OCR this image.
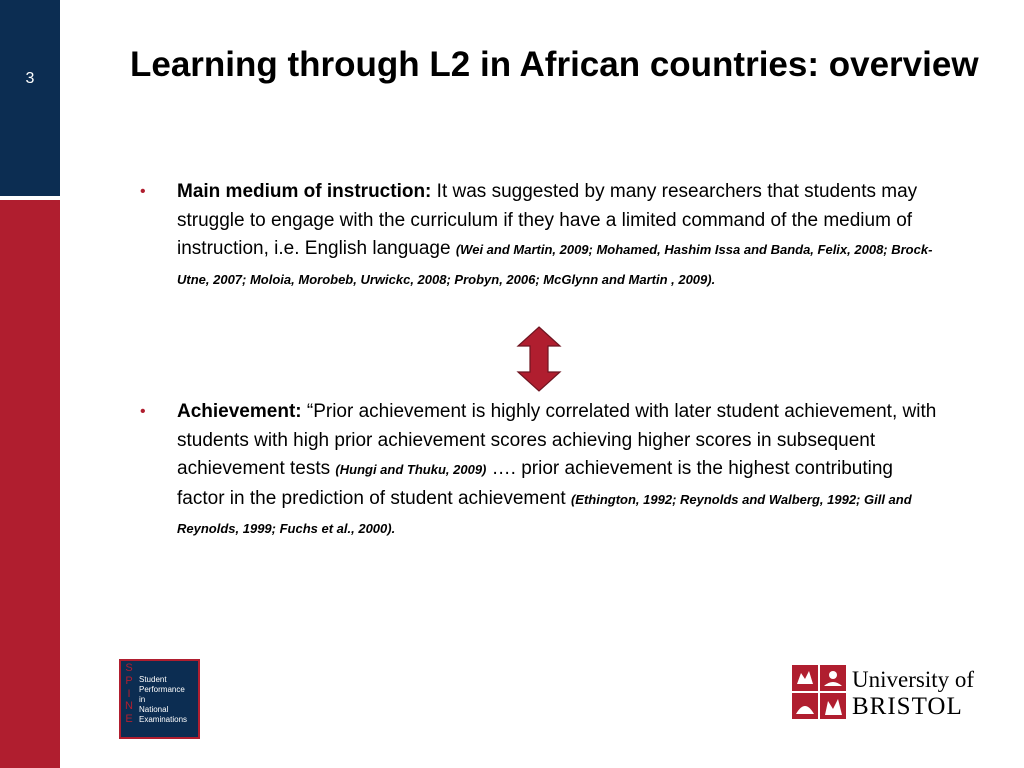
3	Learning through L2 in African countries: overview
• Main medium of instruction: It was suggested by many researchers that students may struggle to engage with the curriculum if they have a limited command of the medium of instruction, i.e. English language (Wei and Martin, 2009; Mohamed, Hashim Issa and Banda, Felix, 2008; Brock-Utne, 2007; Moloia, Morobeb, Urwickc, 2008; Probyn, 2006; McGlynn and Martin , 2009).

• Achievement: “Prior achievement is highly correlated with later student achievement, with students with high prior achievement scores achieving higher scores in subsequent achievement tests (Hungi and Thuku, 2009) …. prior achievement is the highest contributing factor in the prediction of student achievement (Ethington, 1992; Reynolds and Walberg, 1992; Gill and Reynolds, 1999; Fuchs et al., 2000).

S
P
I
N
E
Student
Performance
in
National
Examinations
University of
BRISTOL
